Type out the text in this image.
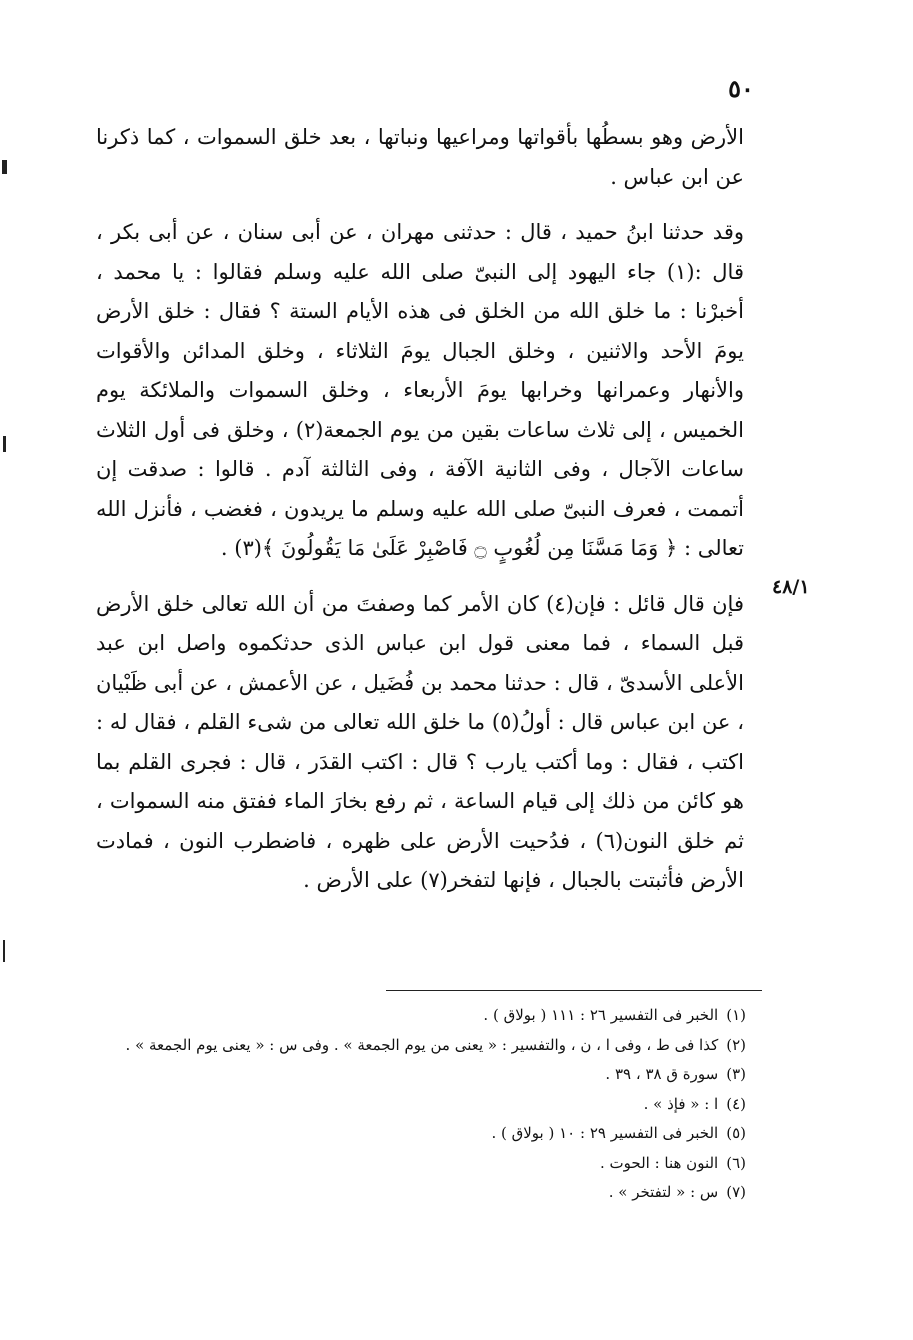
٥٠

الأرض وهو بسطُها بأقواتها ومراعيها ونباتها ، بعد خلق السموات ، كما ذكرنا عن ابن عباس .

وقد حدثنا ابنُ حميد ، قال : حدثنى مهران ، عن أبى سنان ، عن أبى بكر ، قال :(١) جاء اليهود إلى النبىّ صلى الله عليه وسلم فقالوا : يا محمد ، أخبرْنا : ما خلق الله من الخلق فى هذه الأيام الستة ؟ فقال : خلق الأرض يومَ الأحد والاثنين ، وخلق الجبال يومَ الثلاثاء ، وخلق المدائن والأقوات والأنهار وعمرانها وخرابها يومَ الأربعاء ، وخلق السموات والملائكة يوم الخميس ، إلى ثلاث ساعات بقين من يوم الجمعة(٢) ، وخلق فى أول الثلاث ساعات الآجال ، وفى الثانية الآفة ، وفى الثالثة آدم . قالوا : صدقت إن أتممت ، فعرف النبىّ صلى الله عليه وسلم ما يريدون ، فغضب ، فأنزل الله تعالى : ﴿ وَمَا مَسَّنَا مِن لُغُوبٍ ۝ فَاصْبِرْ عَلَىٰ مَا يَقُولُونَ ﴾(٣) .

فإن قال قائل : فإن(٤) كان الأمر كما وصفتَ من أن الله تعالى خلق الأرض قبل السماء ، فما معنى قول ابن عباس الذى حدثكموه واصل ابن عبد الأعلى الأسدىّ ، قال : حدثنا محمد بن فُضَيل ، عن الأعمش ، عن أبى ظَبْيان ، عن ابن عباس قال : أولُ(٥) ما خلق الله تعالى من شىء القلم ، فقال له : اكتب ، فقال : وما أكتب يارب ؟ قال : اكتب القدَر ، قال : فجرى القلم بما هو كائن من ذلك إلى قيام الساعة ، ثم رفع بخارَ الماء ففتق منه السموات ، ثم خلق النون(٦) ، فدُحيت الأرض على ظهره ، فاضطرب النون ، فمادت الأرض فأثبتت بالجبال ، فإنها لتفخر(٧) على الأرض .

٤٨/١

(١)الخبر فى التفسير ٢٦ : ١١١ ( بولاق ) .

(٢)كذا فى ط ، وفى ا ، ن ، والتفسير : « يعنى من يوم الجمعة » . وفى س : « يعنى يوم الجمعة » .

(٣)سورة ق ٣٨ ، ٣٩ .

(٤)ا : « فإذ » .

(٥)الخبر فى التفسير ٢٩ : ١٠ ( بولاق ) .

(٦)النون هنا : الحوت .

(٧)س : « لتفتخر » .
